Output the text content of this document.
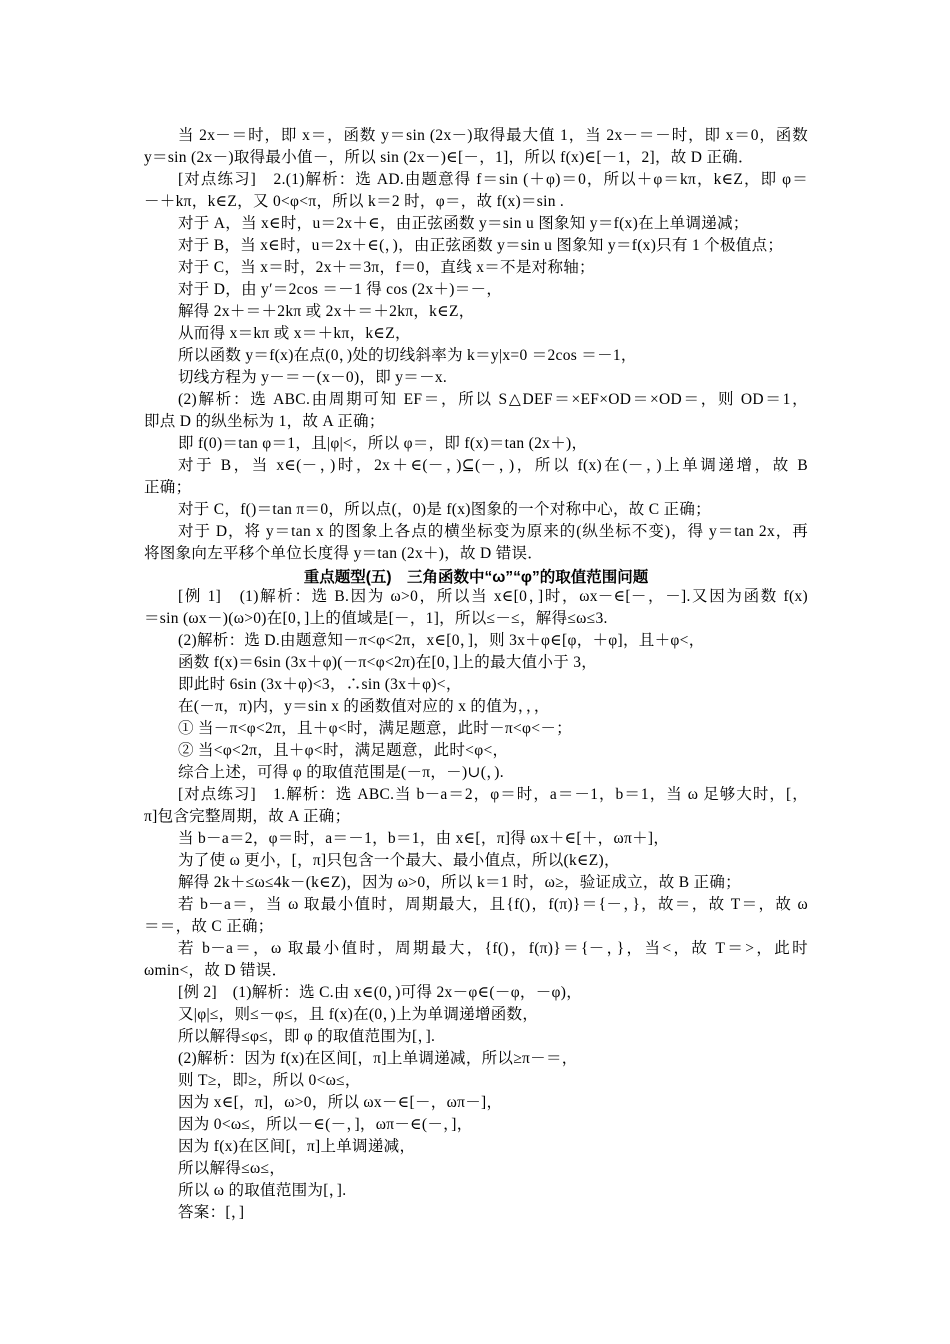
当 2x－＝时，即 x＝，函数 y＝sin (2x－)取得最大值 1，当 2x－＝－时，即 x＝0，函数
y＝sin (2x－)取得最小值－，所以 sin (2x－)∈[－，1]，所以 f(x)∈[－1，2]，故 D 正确．
[对点练习]　2.(1)解析：选 AD.由题意得 f＝sin (＋φ)＝0，所以＋φ＝kπ，k∈Z，即 φ＝
－＋kπ，k∈Z，又 0<φ<π，所以 k＝2 时，φ＝，故 f(x)＝sin .
对于 A，当 x∈时，u＝2x＋∈，由正弦函数 y＝sin u 图象知 y＝f(x)在上单调递减；
对于 B，当 x∈时，u＝2x＋∈(，)，由正弦函数 y＝sin u 图象知 y＝f(x)只有 1 个极值点；
对于 C，当 x＝时，2x＋＝3π，f＝0，直线 x＝不是对称轴；
对于 D，由 y′＝2cos ＝－1 得 cos (2x＋)＝－，
解得 2x＋＝＋2kπ 或 2x＋＝＋2kπ，k∈Z，
从而得 x＝kπ 或 x＝＋kπ，k∈Z，
所以函数 y＝f(x)在点(0，)处的切线斜率为 k＝y|x=0 ＝2cos ＝－1，
切线方程为 y－＝－(x－0)，即 y＝－x.
(2)解析：选 ABC.由周期可知 EF＝，所以 S△DEF＝×EF×OD＝×OD＝，则 OD＝1，
即点 D 的纵坐标为 1，故 A 正确；
即 f(0)＝tan φ＝1，且|φ|<，所以 φ＝，即 f(x)＝tan (2x＋)，
对于 B，当 x∈(－，)时，2x＋∈(－，)⊆(－，)，所以 f(x)在(－，)上单调递增，故 B
正确；
对于 C，f()＝tan π＝0，所以点(，0)是 f(x)图象的一个对称中心，故 C 正确；
对于 D，将 y＝tan x 的图象上各点的横坐标变为原来的(纵坐标不变)，得 y＝tan 2x，再
将图象向左平移个单位长度得 y＝tan (2x＋)，故 D 错误．
重点题型(五)　三角函数中“ω”“φ”的取值范围问题
[例 1]　(1)解析：选 B.因为 ω>0，所以当 x∈[0，]时，ωx－∈[－，－].又因为函数 f(x)
＝sin (ωx－)(ω>0)在[0，]上的值域是[－，1]，所以≤－≤，解得≤ω≤3.
(2)解析：选 D.由题意知－π<φ<2π，x∈[0，]，则 3x＋φ∈[φ，＋φ]，且＋φ<，
函数 f(x)＝6sin (3x＋φ)(－π<φ<2π)在[0，]上的最大值小于 3，
即此时 6sin (3x＋φ)<3，∴sin (3x＋φ)<，
在(－π，π)内，y＝sin x 的函数值对应的 x 的值为，，，
① 当－π<φ<2π，且＋φ<时，满足题意，此时－π<φ<－；
② 当<φ<2π，且＋φ<时，满足题意，此时<φ<，
综合上述，可得 φ 的取值范围是(－π，－)∪(，).
[对点练习]　1.解析：选 ABC.当 b－a＝2，φ＝时，a＝－1，b＝1，当 ω 足够大时，[，
π]包含完整周期，故 A 正确；
当 b－a＝2，φ＝时，a＝－1，b＝1，由 x∈[，π]得 ωx＋∈[＋，ωπ＋]，
为了使 ω 更小，[，π]只包含一个最大、最小值点，所以(k∈Z)，
解得 2k＋≤ω≤4k－(k∈Z)，因为 ω>0，所以 k＝1 时，ω≥，验证成立，故 B 正确；
若 b－a＝，当 ω 取最小值时，周期最大，且{f()，f(π)}＝{－，}，故＝，故 T＝，故 ω
＝＝，故 C 正确；
若 b－a＝，ω 取最小值时，周期最大，{f()，f(π)}＝{－，}，当<，故 T＝>，此时
ωmin<，故 D 错误．
[例 2]　(1)解析：选 C.由 x∈(0，)可得 2x－φ∈(－φ，－φ)，
又|φ|≤，则≤－φ≤，且 f(x)在(0，)上为单调递增函数，
所以解得≤φ≤，即 φ 的取值范围为[，].
(2)解析：因为 f(x)在区间[，π]上单调递减，所以≥π－＝，
则 T≥，即≥，所以 0<ω≤，
因为 x∈[，π]，ω>0，所以 ωx－∈[－，ωπ－]，
因为 0<ω≤，所以－∈(－，]，ωπ－∈(－，]，
因为 f(x)在区间[，π]上单调递减，
所以解得≤ω≤，
所以 ω 的取值范围为[，].
答案：[，]
